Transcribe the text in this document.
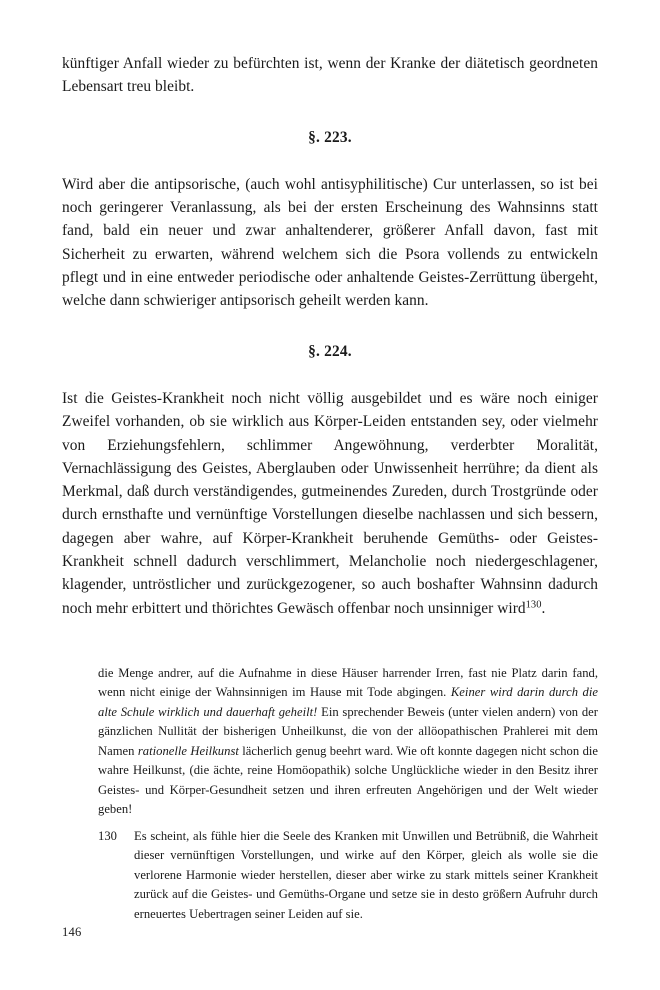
künftiger Anfall wieder zu befürchten ist, wenn der Kranke der diätetisch geordneten Lebensart treu bleibt.

§. 223.

Wird aber die antipsorische, (auch wohl antisyphilitische) Cur unterlassen, so ist bei noch geringerer Veranlassung, als bei der ersten Erscheinung des Wahnsinns statt fand, bald ein neuer und zwar anhaltenderer, größerer Anfall davon, fast mit Sicherheit zu erwarten, während welchem sich die Psora vollends zu entwickeln pflegt und in eine entweder periodische oder anhaltende Geistes-Zerrüttung übergeht, welche dann schwieriger antipsorisch geheilt werden kann.

§. 224.

Ist die Geistes-Krankheit noch nicht völlig ausgebildet und es wäre noch einiger Zweifel vorhanden, ob sie wirklich aus Körper-Leiden entstanden sey, oder vielmehr von Erziehungsfehlern, schlimmer Angewöhnung, verderbter Moralität, Vernachlässigung des Geistes, Aberglauben oder Unwissenheit herrühre; da dient als Merkmal, daß durch verständigendes, gutmeinendes Zureden, durch Trostgründe oder durch ernsthafte und vernünftige Vorstellungen dieselbe nachlassen und sich bessern, dagegen aber wahre, auf Körper-Krankheit beruhende Gemüths- oder Geistes-Krankheit schnell dadurch verschlimmert, Melancholie noch niedergeschlagener, klagender, untröstlicher und zurückgezogener, so auch boshafter Wahnsinn dadurch noch mehr erbittert und thörichtes Gewäsch offenbar noch unsinniger wird$^{130}$.

die Menge andrer, auf die Aufnahme in diese Häuser harrender Irren, fast nie Platz darin fand, wenn nicht einige der Wahnsinnigen im Hause mit Tode abgingen. Keiner wird darin durch die alte Schule wirklich und dauerhaft geheilt! Ein sprechender Beweis (unter vielen andern) von der gänzlichen Nullität der bisherigen Unheilkunst, die von der allöopathischen Prahlerei mit dem Namen rationelle Heilkunst lächerlich genug beehrt ward. Wie oft konnte dagegen nicht schon die wahre Heilkunst, (die ächte, reine Homöopathik) solche Unglückliche wieder in den Besitz ihrer Geistes- und Körper-Gesundheit setzen und ihren erfreuten Angehörigen und der Welt wieder geben!

130	Es scheint, als fühle hier die Seele des Kranken mit Unwillen und Betrübniß, die Wahrheit dieser vernünftigen Vorstellungen, und wirke auf den Körper, gleich als wolle sie die verlorene Harmonie wieder herstellen, dieser aber wirke zu stark mittels seiner Krankheit zurück auf die Geistes- und Gemüths-Organe und setze sie in desto größern Aufruhr durch erneuertes Uebertragen seiner Leiden auf sie.

146
